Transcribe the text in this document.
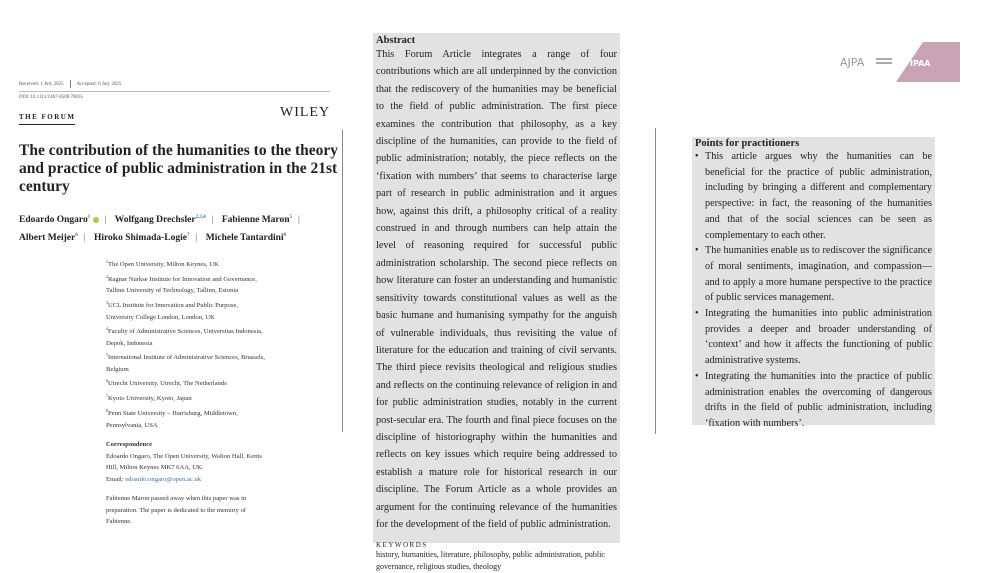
Received: 1 July 2025	Accepted: 6 July 2025
DOI: 10.1111/1467-8500.70035
THE FORUM	WILEY
The contribution of the humanities to the theory and practice of public administration in the 21st century
Edoardo Ongaro$^1$ | Wolfgang Drechsler$^{2,3,4}$ | Fabienne Maron$^5$ |
Albert Meijer$^6$ | Hiroko Shimada-Logie$^7$ | Michele Tantardini$^8$
$^1$The Open University, Milton Keynes, UK
$^2$Ragnar Nurkse Institute for Innovation and Governance, Tallinn University of Technology, Tallinn, Estonia
$^3$UCL Institute for Innovation and Public Purpose, University College London, London, UK
$^4$Faculty of Administrative Sciences, Universitas Indonesia, Depok, Indonesia
$^5$International Institute of Administrative Sciences, Brussels, Belgium
$^6$Utrecht University, Utrecht, The Netherlands
$^7$Kyoto University, Kyoto, Japan
$^8$Penn State University – Harrisburg, Middletown, Pennsylvania, USA
Correspondence
Edoardo Ongaro, The Open University, Walton Hall, Kents Hill, Milton Keynes MK7 6AA, UK.
Email: edoardo.ongaro@open.ac.uk
Fabienne Maron passed away when this paper was in preparation. The paper is dedicated to the memory of Fabienne.
Abstract

This Forum Article integrates a range of four contributions which are all underpinned by the conviction that the rediscovery of the humanities may be beneficial to the field of public administration. The first piece examines the contribution that philosophy, as a key discipline of the humanities, can provide to the field of public administration; notably, the piece reflects on the ‘fixation with numbers’ that seems to characterise large part of research in public administration and it argues how, against this drift, a philosophy critical of a reality construed in and through numbers can help attain the level of reasoning required for successful public administration scholarship. The second piece reflects on how literature can foster an understanding and humanistic sensitivity towards constitutional values as well as the basic humane and humanising sympathy for the anguish of vulnerable individuals, thus revisiting the value of literature for the education and training of civil servants. The third piece revisits theological and religious studies and reflects on the continuing relevance of religion in and for public administration studies, notably in the current post-secular era. The fourth and final piece focuses on the discipline of historiography within the humanities and reflects on key issues which require being addressed to establish a mature role for historical research in our discipline. The Forum Article as a whole provides an argument for the continuing relevance of the humanities for the development of the field of public administration.

KEYWORDS
history, humanities, literature, philosophy, public administration, public governance, religious studies, theology
Points for practitioners
• This article argues why the humanities can be beneficial for the practice of public administration, including by bringing a different and complementary perspective: in fact, the reasoning of the humanities and that of the social sciences can be seen as complementary to each other.
• The humanities enable us to rediscover the significance of moral sentiments, imagination, and compassion—and to apply a more humane perspective to the practice of public services management.
• Integrating the humanities into public administration provides a deeper and broader understanding of ‘context’ and how it affects the functioning of public administrative systems.
• Integrating the humanities into the practice of public administration enables the overcoming of dangerous drifts in the field of public administration, including ‘fixation with numbers’.
AJPA	IPAA
